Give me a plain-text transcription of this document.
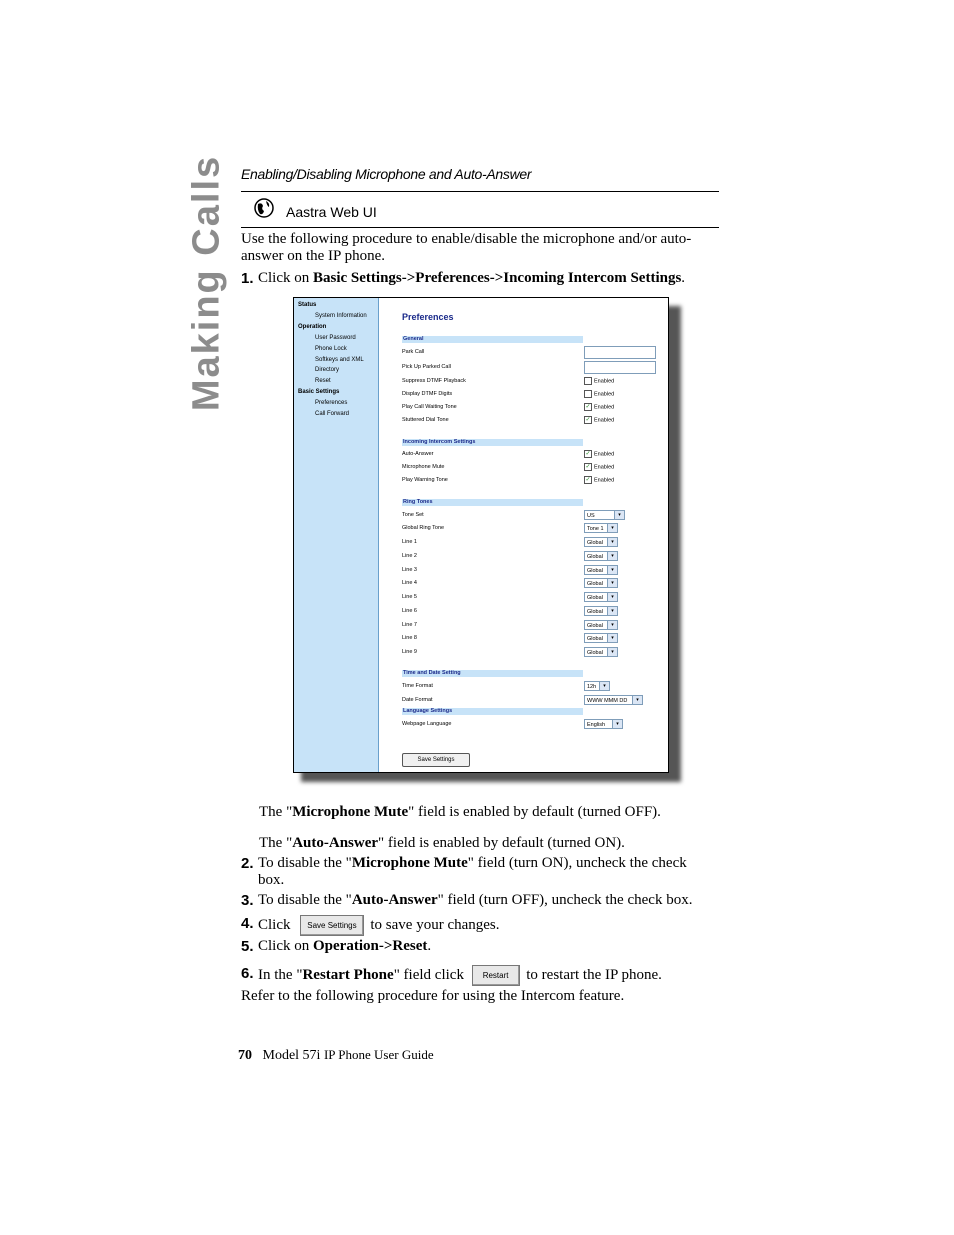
Making Calls Enabling/Disabling Microphone and Auto-Answer
Aastra Web UI
Use the following procedure to enable/disable the microphone and/or auto-answer on the IP phone.
1. Click on Basic Settings->Preferences->Incoming Intercom Settings.
Status
System Information
Operation
User Password
Phone Lock
Softkeys and XML
Directory
Reset
Basic Settings
Preferences
Call Forward
Preferences
General
Park Call
Pick Up Parked Call
Suppress DTMF Playback	Enabled
Display DTMF Digits	Enabled
Play Call Waiting Tone	✓ Enabled
Stuttered Dial Tone	✓ Enabled
Incoming Intercom Settings
Auto-Answer	✓ Enabled
Microphone Mute	✓ Enabled
Play Warning Tone	✓ Enabled
Ring Tones
Tone Set	US	▾
Global Ring Tone	Tone 1	▾
Line 1	Global	▾
Line 2	Global	▾
Line 3	Global	▾
Line 4	Global	▾
Line 5	Global	▾
Line 6	Global	▾
Line 7	Global	▾
Line 8	Global	▾
Line 9	Global	▾
Time and Date Setting
Time Format	12h	▾
Date Format	WWW MMM DD	▾
Language Settings
Webpage Language	English	▾
Save Settings
The "Microphone Mute" field is enabled by default (turned OFF).
The "Auto-Answer" field is enabled by default (turned ON).
2. To disable the "Microphone Mute" field (turn ON), uncheck the check
box.
3. To disable the "Auto-Answer" field (turn OFF), uncheck the check box.
4. Click Save Settings to save your changes.
5. Click on Operation->Reset.
6. In the "Restart Phone" field click Restart to restart the IP phone.
Refer to the following procedure for using the Intercom feature.
70 Model 57i IP Phone User Guide
